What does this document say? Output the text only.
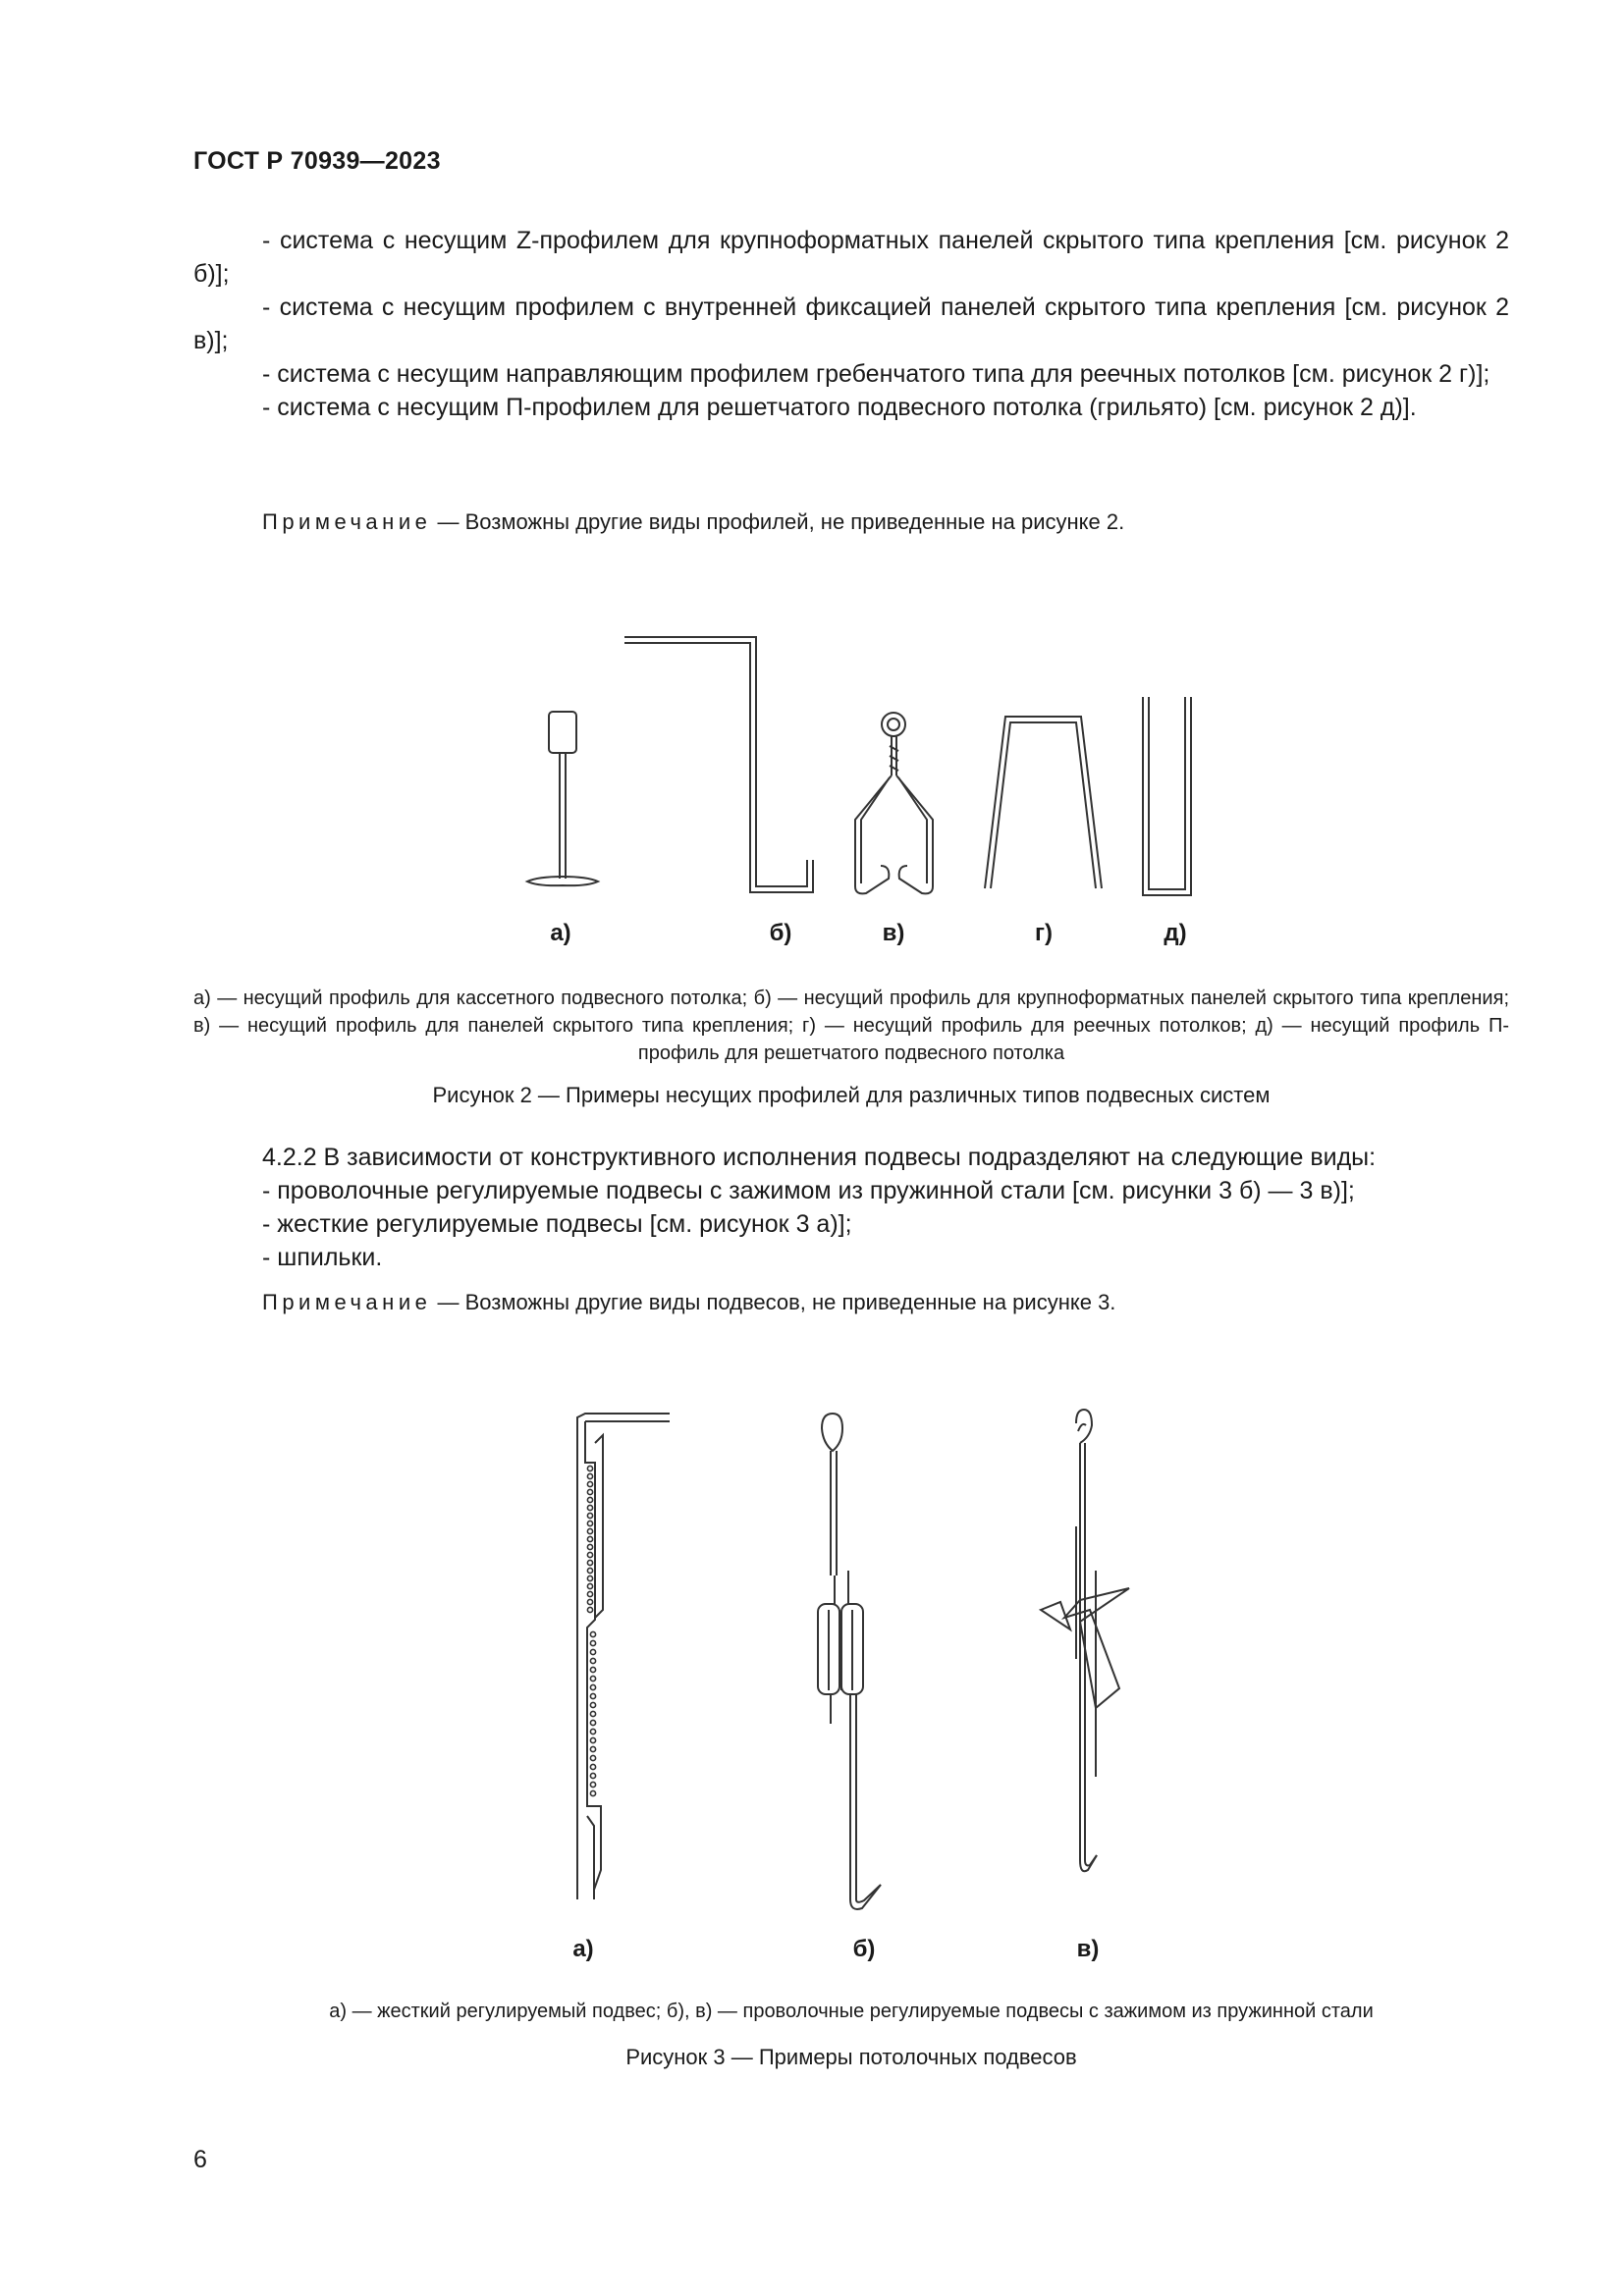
ГОСТ Р 70939—2023

- система с несущим Z-профилем для крупноформатных панелей скрытого типа крепления [см. рисунок 2 б)];

- система с несущим профилем с внутренней фиксацией панелей скрытого типа крепления [см. рисунок 2 в)];

- система с несущим направляющим профилем гребенчатого типа для реечных потолков [см. рисунок 2 г)];

- система с несущим П-профилем для решетчатого подвесного потолка (грильято) [см. рисунок 2 д)].

Примечание — Возможны другие виды профилей, не приведенные на рисунке 2.
а)	б)	в)	г)	д)
а) — несущий профиль для кассетного подвесного потолка; б) — несущий профиль для крупноформатных панелей скрытого типа крепления; в) — несущий профиль для панелей скрытого типа крепления; г) — несущий профиль для реечных потолков; д) — несущий профиль П-профиль для решетчатого подвесного потолка
Рисунок 2 — Примеры несущих профилей для различных типов подвесных систем
4.2.2 В зависимости от конструктивного исполнения подвесы подразделяют на следующие виды:
- проволочные регулируемые подвесы с зажимом из пружинной стали [см. рисунки 3 б) — 3 в)];
- жесткие регулируемые подвесы [см. рисунок 3 а)];
- шпильки.
Примечание — Возможны другие виды подвесов, не приведенные на рисунке 3.
а)	б)	в)
а) — жесткий регулируемый подвес; б), в) — проволочные регулируемые подвесы с зажимом из пружинной стали
Рисунок 3 — Примеры потолочных подвесов
6
